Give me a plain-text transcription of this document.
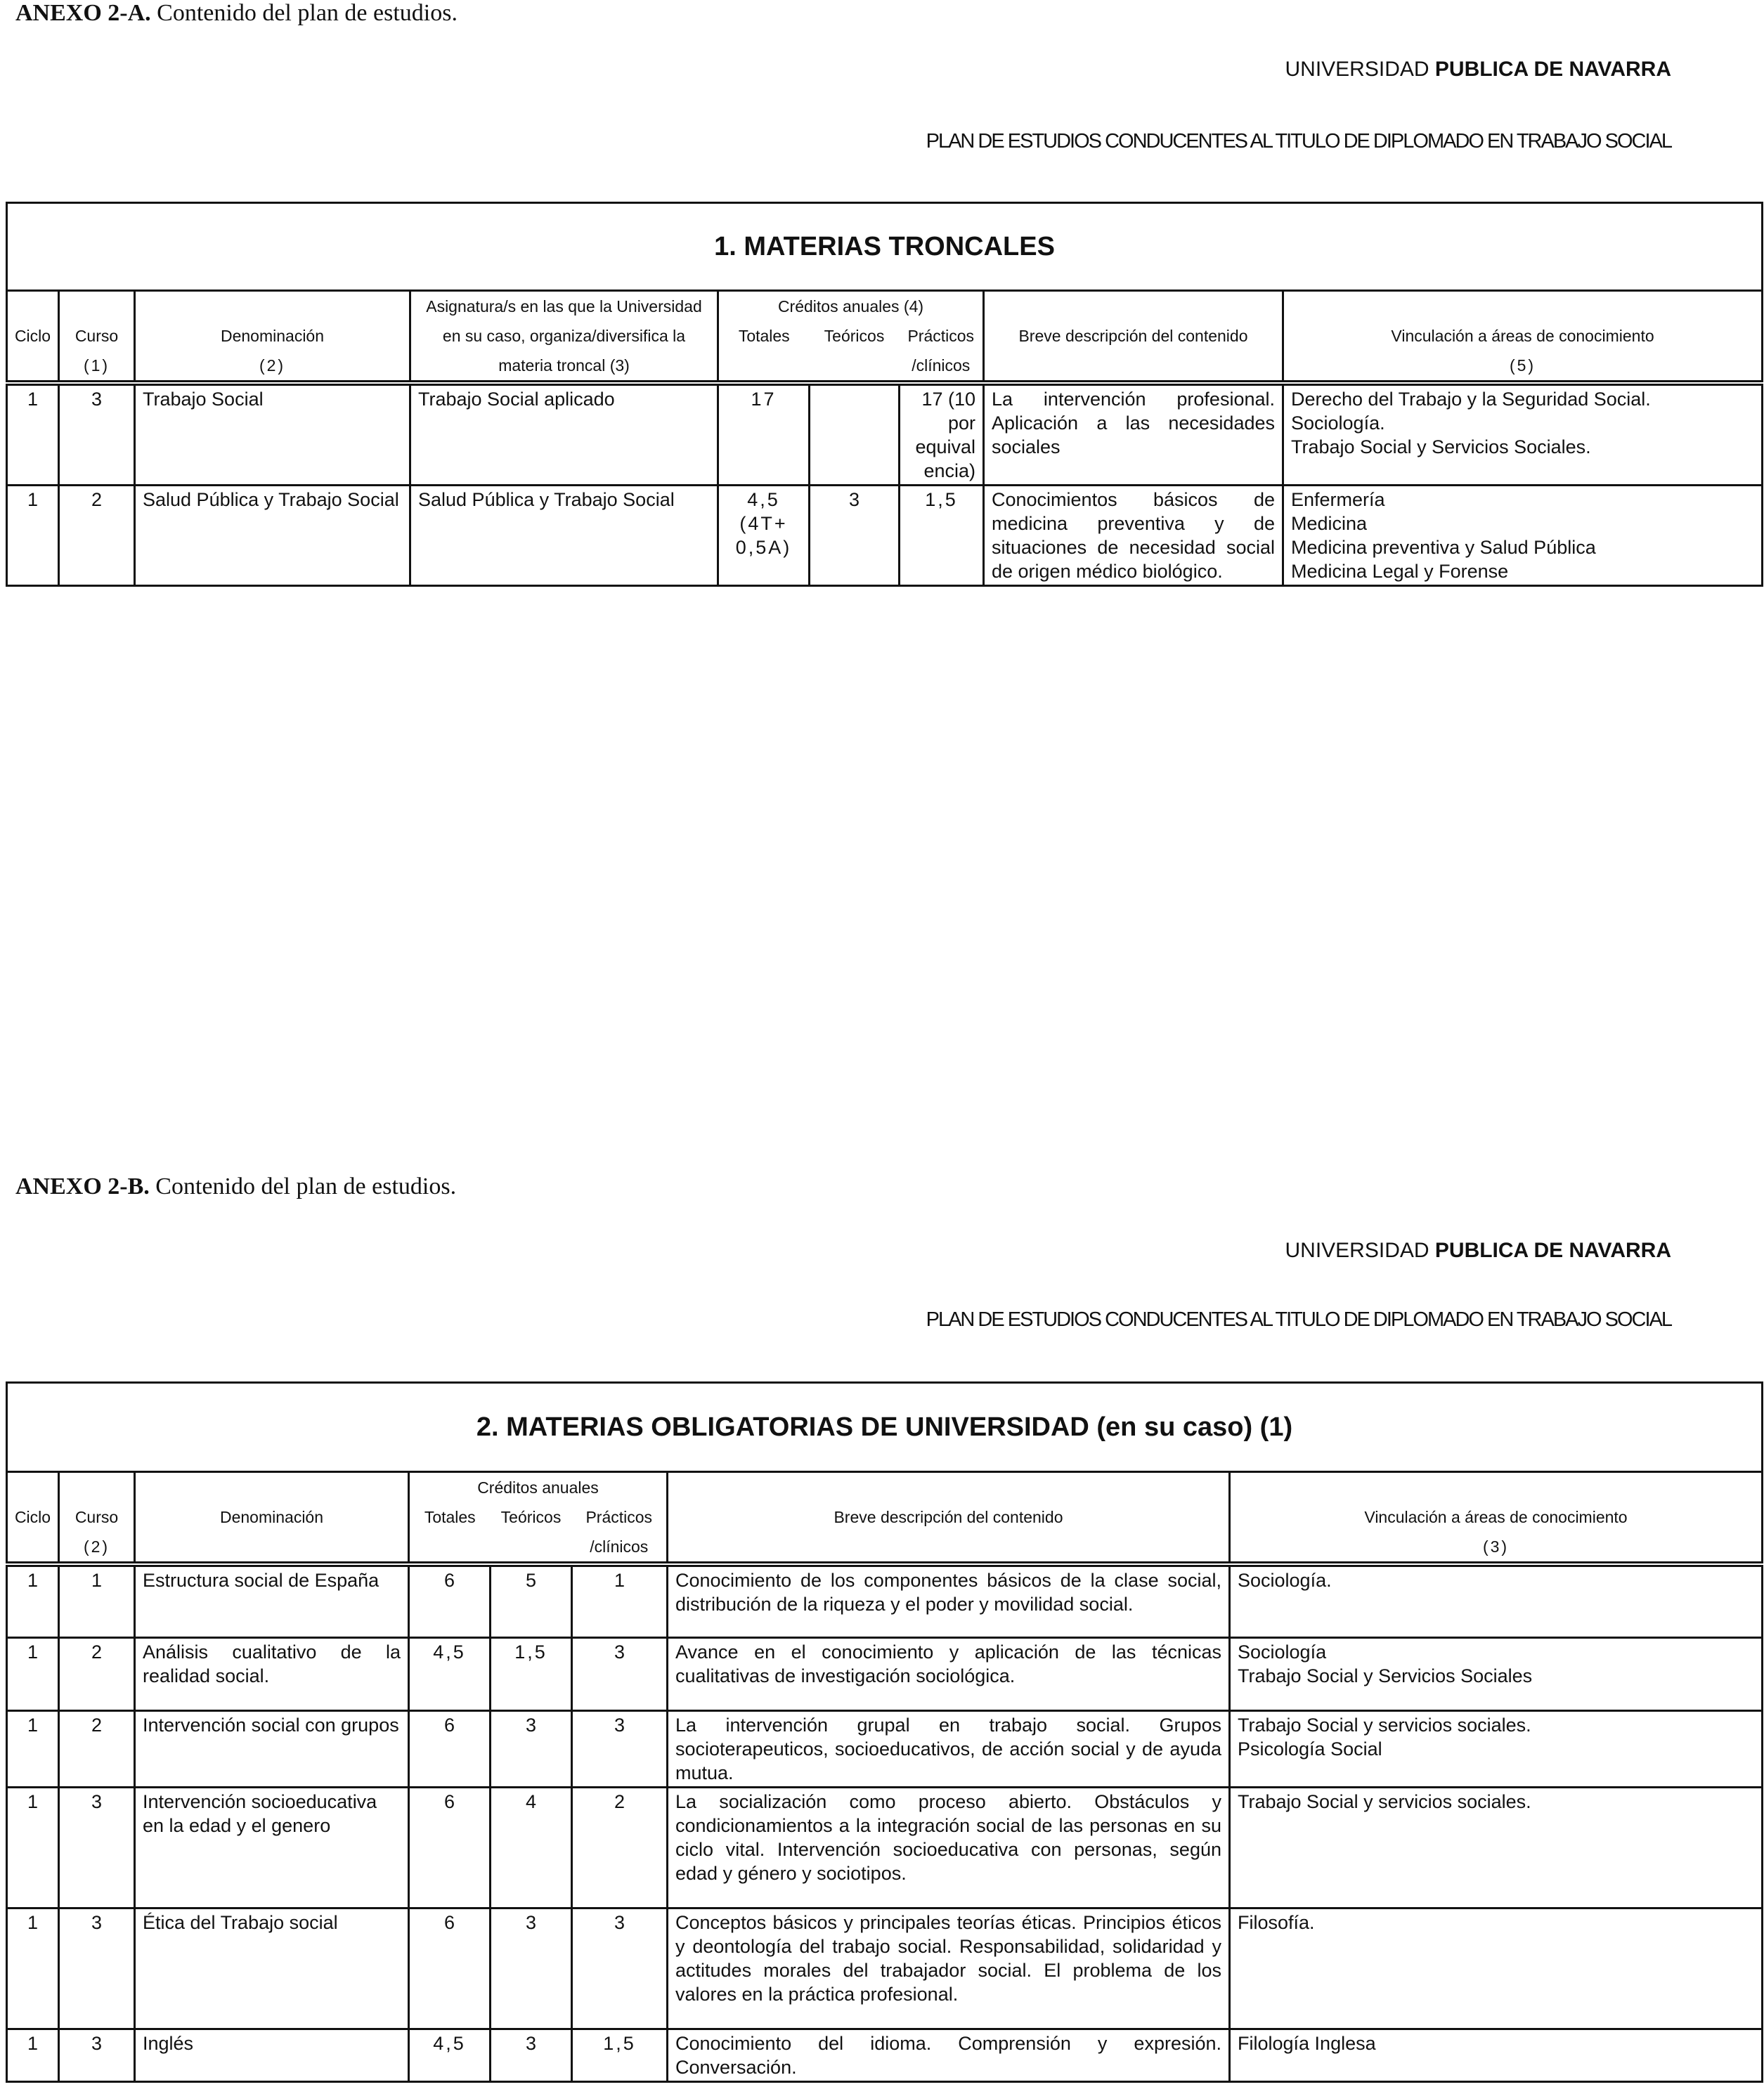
ANEXO 2-A. Contenido del plan de estudios.
UNIVERSIDAD PUBLICA DE NAVARRA
PLAN DE ESTUDIOS CONDUCENTES AL TITULO DE DIPLOMADO EN TRABAJO SOCIAL
1. MATERIAS TRONCALES								
			Asignatura/s en las que la Universidad	Créditos anuales (4)				
Ciclo	Curso	Denominación	en su caso, organiza/diversifica la	Totales	Teóricos	Prácticos	Breve descripción del contenido	Vinculación a áreas de conocimiento
	(1)	(2)	materia troncal (3)			/clínicos		(5)
1	3	Trabajo Social	Trabajo Social aplicado	17		17 (10 por equival encia)	La intervención profesional. Aplicación a las necesidades sociales	Derecho del Trabajo y la Seguridad Social.
Sociología.
Trabajo Social y Servicios Sociales.

1	2	Salud Pública y Trabajo Social	Salud Pública y Trabajo Social	4,5 (4T+ 0,5A)	3	1,5	Conocimientos básicos de medicina preventiva y de situaciones de necesidad social de origen médico biológico.	Enfermería
Medicina
Medicina preventiva y Salud Pública
Medicina Legal y Forense
ANEXO 2-B. Contenido del plan de estudios.
UNIVERSIDAD PUBLICA DE NAVARRA
PLAN DE ESTUDIOS CONDUCENTES AL TITULO DE DIPLOMADO EN TRABAJO SOCIAL
2. MATERIAS OBLIGATORIAS DE UNIVERSIDAD (en su caso) (1)							
			Créditos anuales				
Ciclo	Curso	Denominación	Totales	Teóricos	Prácticos	Breve descripción del contenido	Vinculación a áreas de conocimiento
	(2)				/clínicos		(3)
1	1	Estructura social de España	6	5	1	Conocimiento de los componentes básicos de la clase social, distribución de la riqueza y el poder y movilidad social.	Sociología.

1	2	Análisis cualitativo de la realidad social.	4,5	1,5	3	Avance en el conocimiento y aplicación de las técnicas cualitativas de investigación sociológica.	Sociología
Trabajo Social y Servicios Sociales

1	2	Intervención social con grupos	6	3	3	La intervención grupal en trabajo social. Grupos socioterapeuticos, socioeducativos, de acción social y de ayuda mutua.	Trabajo Social y servicios sociales.
Psicología Social

1	3	Intervención socioeducativa en la edad y el genero	6	4	2	La socialización como proceso abierto. Obstáculos y condicionamientos a la integración social de las personas en su ciclo vital. Intervención socioeducativa con personas, según edad y género y sociotipos.	Trabajo Social y servicios sociales.

1	3	Ética del Trabajo social	6	3	3	Conceptos básicos y principales teorías éticas. Principios éticos y deontología del trabajo social. Responsabilidad, solidaridad y actitudes morales del trabajador social. El problema de los valores en la práctica profesional.	Filosofía.

1	3	Inglés	4,5	3	1,5	Conocimiento del idioma. Comprensión y expresión. Conversación.	Filología Inglesa
